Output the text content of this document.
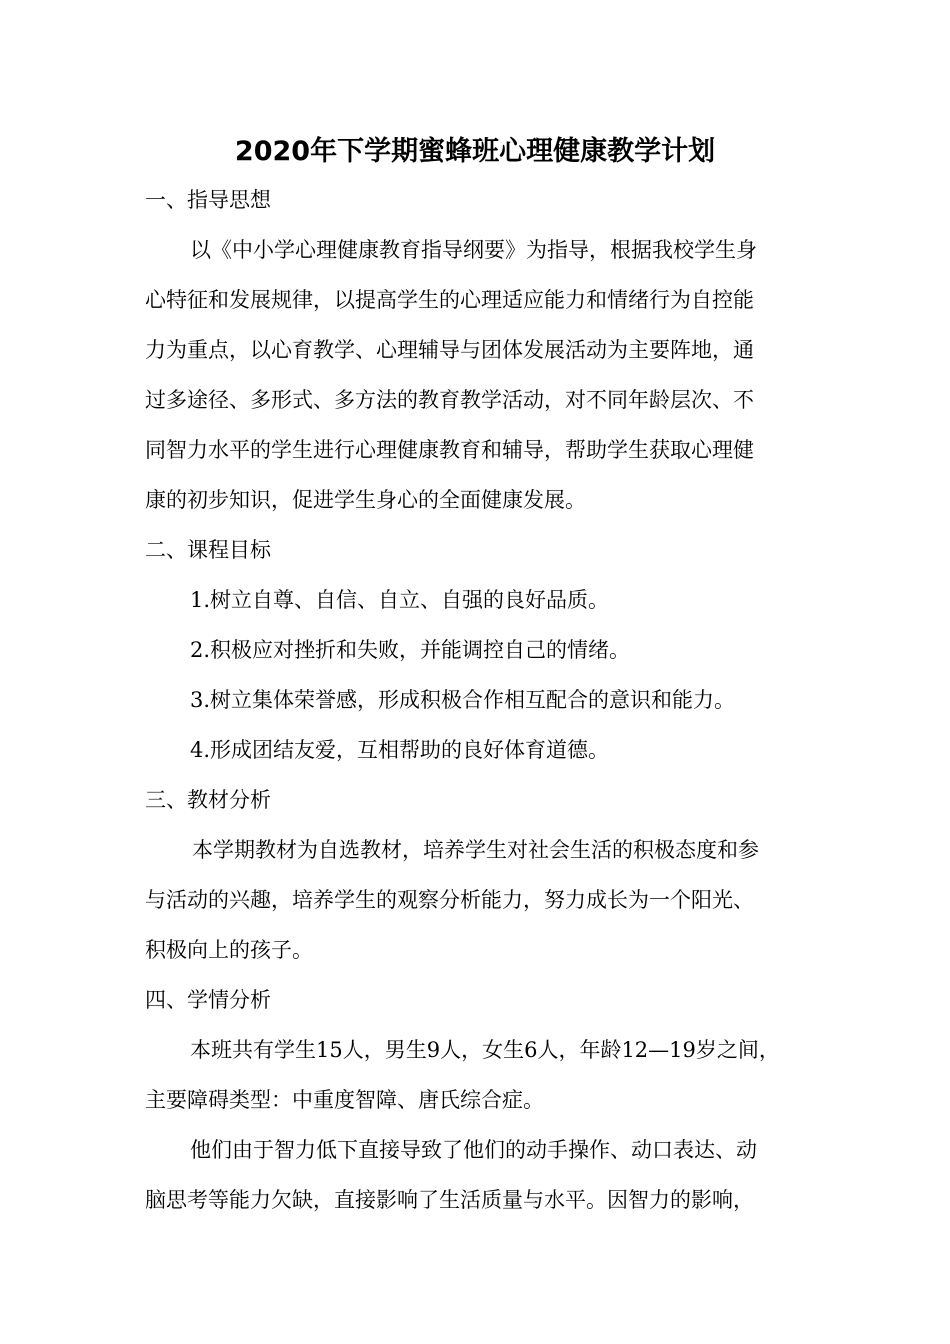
2020年下学期蜜蜂班心理健康教学计划
一、指导思想
以《中小学心理健康教育指导纲要》为指导，根据我校学生身
心特征和发展规律，以提高学生的心理适应能力和情绪行为自控能
力为重点，以心育教学、心理辅导与团体发展活动为主要阵地，通
过多途径、多形式、多方法的教育教学活动，对不同年龄层次、不
同智力水平的学生进行心理健康教育和辅导，帮助学生获取心理健
康的初步知识，促进学生身心的全面健康发展。
二、课程目标
1.树立自尊、自信、自立、自强的良好品质。
2.积极应对挫折和失败，并能调控自己的情绪。
3.树立集体荣誉感，形成积极合作相互配合的意识和能力。
4.形成团结友爱，互相帮助的良好体育道德。
三、教材分析
本学期教材为自选教材，培养学生对社会生活的积极态度和参
与活动的兴趣，培养学生的观察分析能力，努力成长为一个阳光、
积极向上的孩子。
四、学情分析
本班共有学生15人，男生9人，女生6人，年龄12—19岁之间，
主要障碍类型：中重度智障、唐氏综合症。
他们由于智力低下直接导致了他们的动手操作、动口表达、动
脑思考等能力欠缺，直接影响了生活质量与水平。因智力的影响，
